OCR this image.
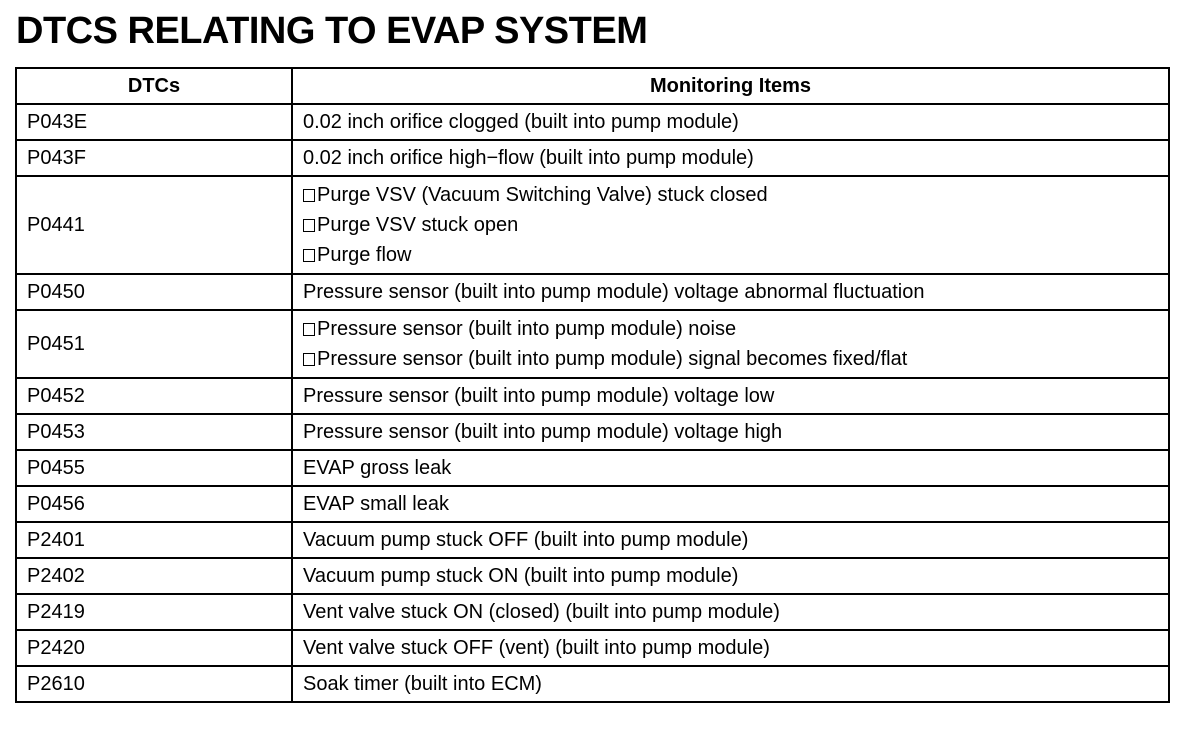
DTCS RELATING TO EVAP SYSTEM
DTCs	Monitoring Items
P043E	0.02 inch orifice clogged (built into pump module)

P043F	0.02 inch orifice high−flow (built into pump module)

P0441	Purge VSV (Vacuum Switching Valve) stuck closed
Purge VSV stuck open
Purge flow

P0450	Pressure sensor (built into pump module) voltage abnormal fluctuation

P0451	Pressure sensor (built into pump module) noise
Pressure sensor (built into pump module) signal becomes fixed/flat

P0452	Pressure sensor (built into pump module) voltage low

P0453	Pressure sensor (built into pump module) voltage high

P0455	EVAP gross leak

P0456	EVAP small leak

P2401	Vacuum pump stuck OFF (built into pump module)

P2402	Vacuum pump stuck ON (built into pump module)

P2419	Vent valve stuck ON (closed) (built into pump module)

P2420	Vent valve stuck OFF (vent) (built into pump module)

P2610	Soak timer (built into ECM)
